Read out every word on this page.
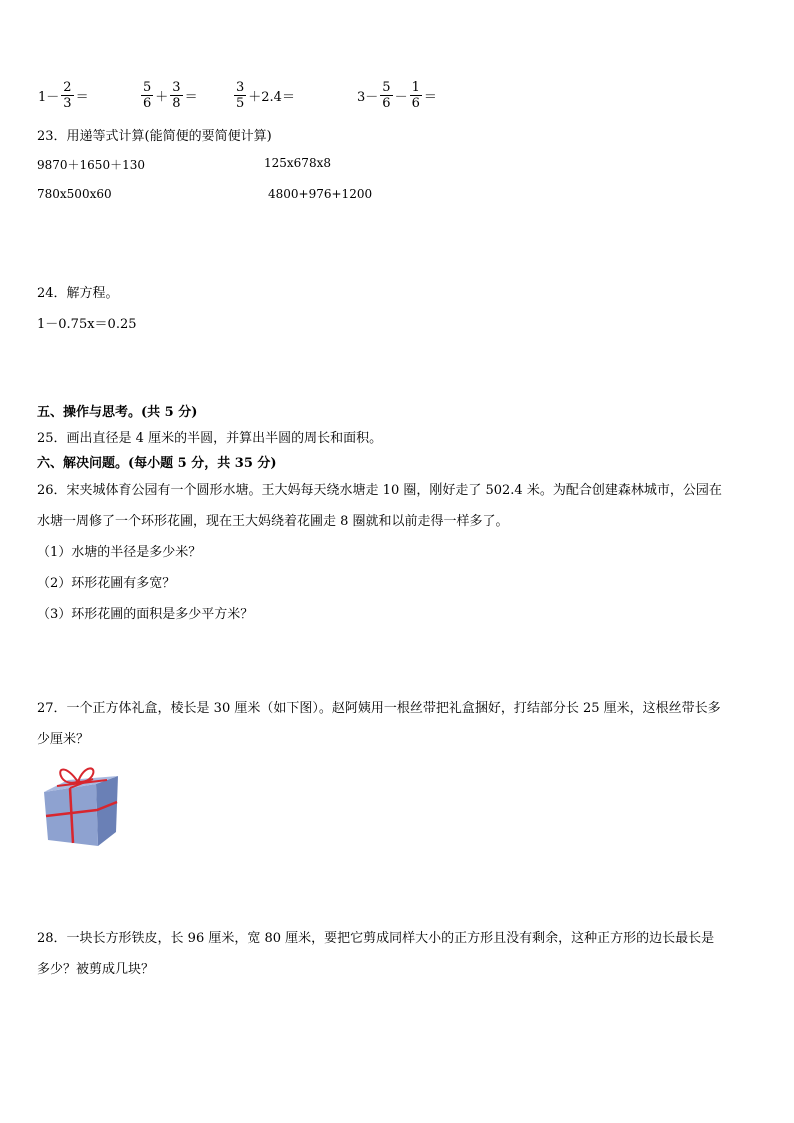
$1- \frac{2}{3}$ ＝	$\frac{5}{6} + \frac{3}{8}$ ＝	$\frac{3}{5} +2.4=$	$3- \frac{5}{6} - \frac{1}{6}$ ＝
23．用递等式计算(能简便的要简便计算)
9870＋1650＋130	125x678x8
780x500x60	4800+976+1200
24．解方程。
1－0.75x＝0.25
五、操作与思考。(共 5 分)
25．画出直径是 4 厘米的半圆，并算出半圆的周长和面积。
六、解决问题。(每小题 5 分，共 35 分)
26．宋夹城体育公园有一个圆形水塘。王大妈每天绕水塘走 10 圈，刚好走了 502.4 米。为配合创建森林城市，公园在
水塘一周修了一个环形花圃，现在王大妈绕着花圃走 8 圈就和以前走得一样多了。
（1）水塘的半径是多少米？
（2）环形花圃有多宽？
（3）环形花圃的面积是多少平方米？
27．一个正方体礼盒，棱长是 30 厘米（如下图）。赵阿姨用一根丝带把礼盒捆好，打结部分长 25 厘米，这根丝带长多
少厘米？
28．一块长方形铁皮，长 96 厘米，宽 80 厘米，要把它剪成同样大小的正方形且没有剩余，这种正方形的边长最长是
多少？被剪成几块？
